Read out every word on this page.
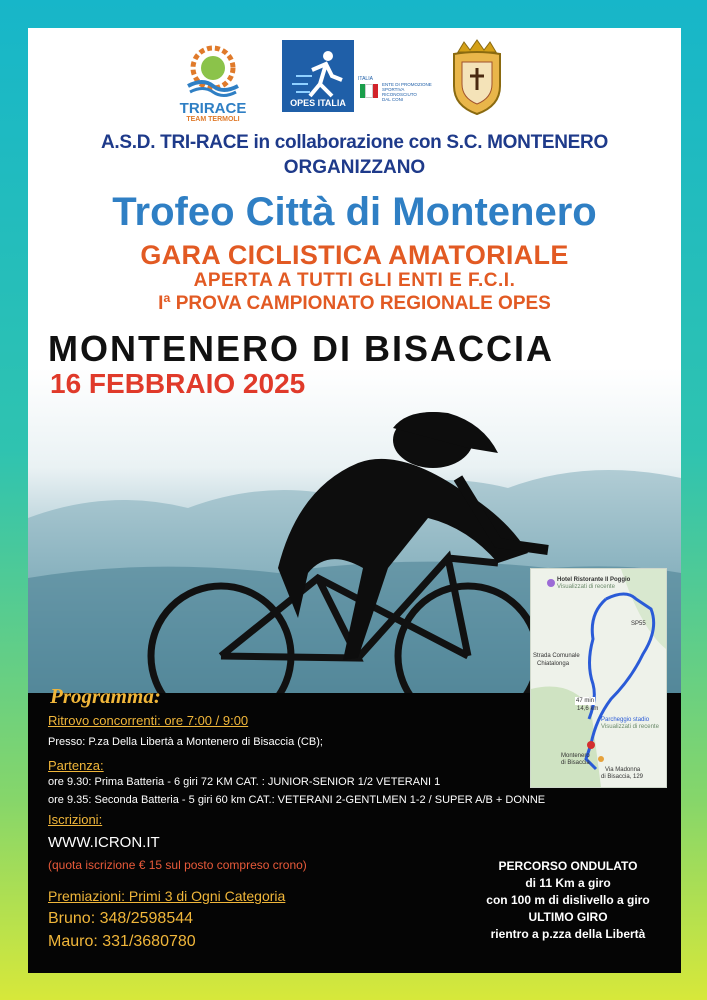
TRIRACE
TEAM TERMOLI
OPES ITALIA
ITALIA
ENTE DI PROMOZIONE
SPORTIVA
RICONOSCIUTO
DAL CONI
A.S.D. TRI-RACE in collaborazione con S.C. MONTENERO
ORGANIZZANO
Trofeo Città di Montenero
GARA CICLISTICA AMATORIALE
APERTA A TUTTI GLI ENTI E F.C.I.
Iª PROVA CAMPIONATO REGIONALE OPES
MONTENERO DI BISACCIA
16 FEBBRAIO 2025
Hotel Ristorante Il Poggio
Visualizzati di recente
SP55
Strada Comunale
Chiatalonga
47 min
14,6 km
Parcheggio stadio
Visualizzati di recente
Montenero
di Bisaccia
Via Madonna
di Bisaccia, 129
Programma:
Ritrovo concorrenti: ore 7:00 / 9:00
Presso: P.za Della Libertà a Montenero di Bisaccia (CB);
Partenza:
ore 9.30: Prima Batteria - 6 giri 72 KM CAT. : JUNIOR-SENIOR 1/2 VETERANI 1
ore 9.35: Seconda Batteria - 5 giri 60 km CAT.: VETERANI 2-GENTLMEN 1-2 / SUPER A/B + DONNE
Iscrizioni:
WWW.ICRON.IT
(quota iscrizione € 15 sul posto compreso crono)
Premiazioni: Primi 3 di Ogni Categoria
Bruno: 348/2598544
Mauro: 331/3680780
PERCORSO ONDULATO
di 11 Km a giro
con 100 m di dislivello a giro
ULTIMO GIRO
rientro a p.zza della Libertà
